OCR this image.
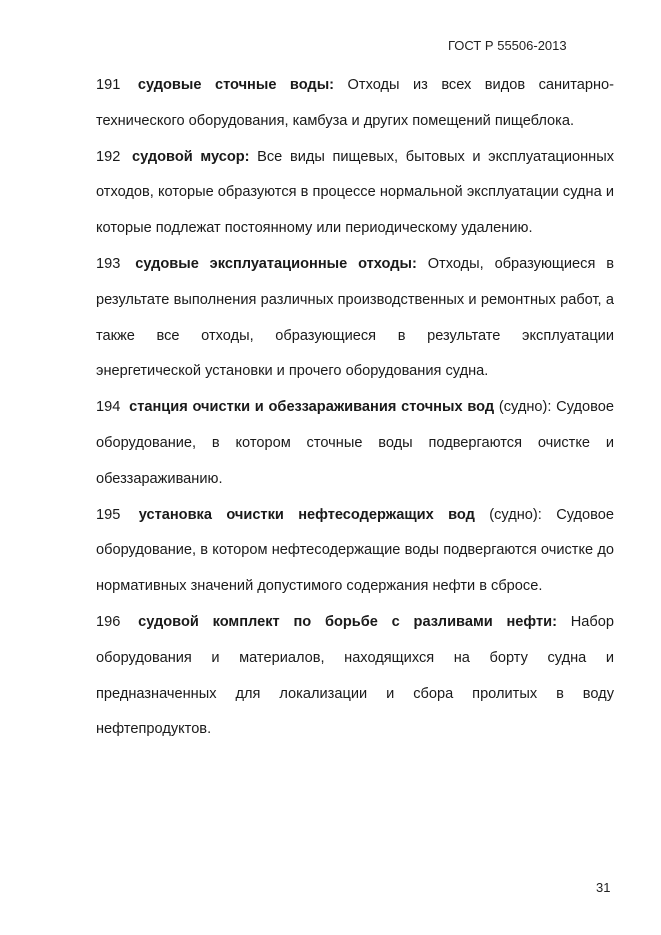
ГОСТ Р 55506-2013

191 судовые сточные воды: Отходы из всех видов санитарно-технического оборудования, камбуза и других помещений пищеблока.

192 судовой мусор: Все виды пищевых, бытовых и эксплуатационных отходов, которые образуются в процессе нормальной эксплуатации судна и которые подлежат постоянному или периодическому удалению.

193 судовые эксплуатационные отходы: Отходы, образующиеся в результате выполнения различных производственных и ремонтных работ, а также все отходы, образующиеся в результате эксплуатации энергетической установки и прочего оборудования судна.

194 станция очистки и обеззараживания сточных вод (судно): Судовое оборудование, в котором сточные воды подвергаются очистке и обеззараживанию.

195 установка очистки нефтесодержащих вод (судно): Судовое оборудование, в котором нефтесодержащие воды подвергаются очистке до нормативных значений допустимого содержания нефти в сбросе.

196 судовой комплект по борьбе с разливами нефти: Набор оборудования и материалов, находящихся на борту судна и предназначенных для локализации и сбора пролитых в воду нефтепродуктов.

31
